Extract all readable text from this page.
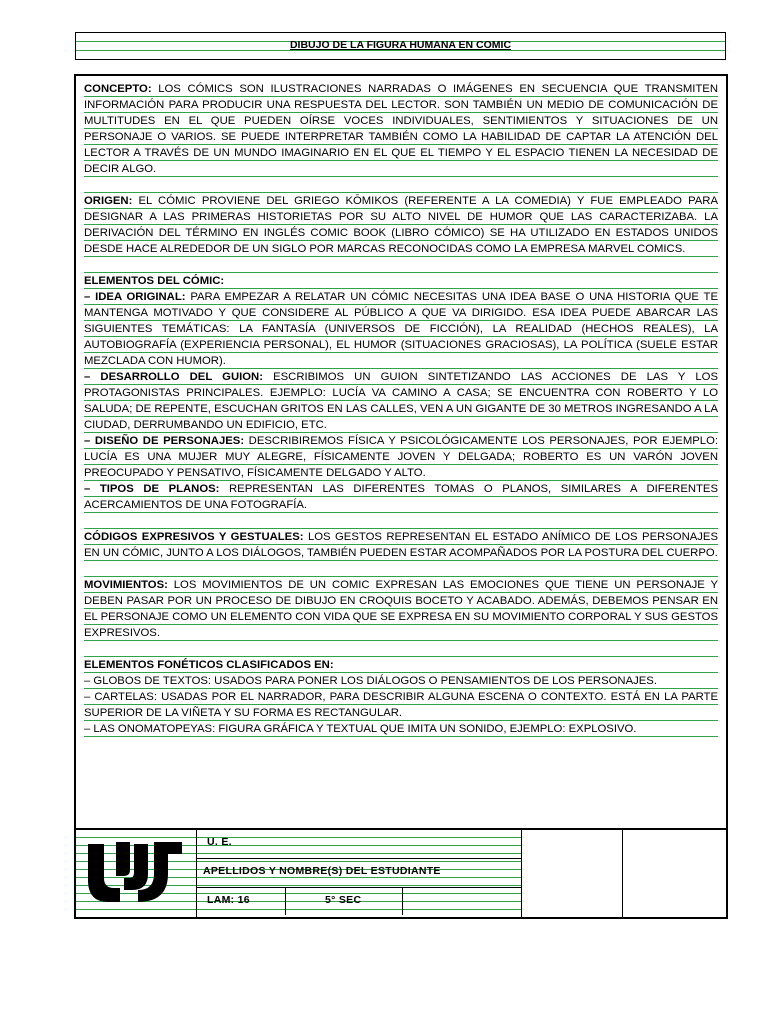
DIBUJO DE LA FIGURA HUMANA EN COMIC

CONCEPTO: LOS CÓMICS SON ILUSTRACIONES NARRADAS O IMÁGENES EN SECUENCIA QUE TRANSMITEN INFORMACIÓN PARA PRODUCIR UNA RESPUESTA DEL LECTOR. SON TAMBIÉN UN MEDIO DE COMUNICACIÓN DE MULTITUDES EN EL QUE PUEDEN OÍRSE VOCES INDIVIDUALES, SENTIMIENTOS Y SITUACIONES DE UN PERSONAJE O VARIOS. SE PUEDE INTERPRETAR TAMBIÉN COMO LA HABILIDAD DE CAPTAR LA ATENCIÓN DEL LECTOR A TRAVÉS DE UN MUNDO IMAGINARIO EN EL QUE EL TIEMPO Y EL ESPACIO TIENEN LA NECESIDAD DE DECIR ALGO.

ORIGEN: EL CÓMIC PROVIENE DEL GRIEGO KŌMIKOS (REFERENTE A LA COMEDIA) Y FUE EMPLEADO PARA DESIGNAR A LAS PRIMERAS HISTORIETAS POR SU ALTO NIVEL DE HUMOR QUE LAS CARACTERIZABA. LA DERIVACIÓN DEL TÉRMINO EN INGLÉS COMIC BOOK (LIBRO CÓMICO) SE HA UTILIZADO EN ESTADOS UNIDOS DESDE HACE ALREDEDOR DE UN SIGLO POR MARCAS RECONOCIDAS COMO LA EMPRESA MARVEL COMICS.

ELEMENTOS DEL CÓMIC:

– IDEA ORIGINAL: PARA EMPEZAR A RELATAR UN CÓMIC NECESITAS UNA IDEA BASE O UNA HISTORIA QUE TE MANTENGA MOTIVADO Y QUE CONSIDERE AL PÚBLICO A QUE VA DIRIGIDO. ESA IDEA PUEDE ABARCAR LAS SIGUIENTES TEMÁTICAS: LA FANTASÍA (UNIVERSOS DE FICCIÓN), LA REALIDAD (HECHOS REALES), LA AUTOBIOGRAFÍA (EXPERIENCIA PERSONAL), EL HUMOR (SITUACIONES GRACIOSAS), LA POLÍTICA (SUELE ESTAR MEZCLADA CON HUMOR).

– DESARROLLO DEL GUION: ESCRIBIMOS UN GUION SINTETIZANDO LAS ACCIONES DE LAS Y LOS PROTAGONISTAS PRINCIPALES. EJEMPLO: LUCÍA VA CAMINO A CASA; SE ENCUENTRA CON ROBERTO Y LO SALUDA; DE REPENTE, ESCUCHAN GRITOS EN LAS CALLES, VEN A UN GIGANTE DE 30 METROS INGRESANDO A LA CIUDAD, DERRUMBANDO UN EDIFICIO, ETC.

– DISEÑO DE PERSONAJES: DESCRIBIREMOS FÍSICA Y PSICOLÓGICAMENTE LOS PERSONAJES, POR EJEMPLO: LUCÍA ES UNA MUJER MUY ALEGRE, FÍSICAMENTE JOVEN Y DELGADA; ROBERTO ES UN VARÓN JOVEN PREOCUPADO Y PENSATIVO, FÍSICAMENTE DELGADO Y ALTO.

– TIPOS DE PLANOS: REPRESENTAN LAS DIFERENTES TOMAS O PLANOS, SIMILARES A DIFERENTES ACERCAMIENTOS DE UNA FOTOGRAFÍA.

CÓDIGOS EXPRESIVOS Y GESTUALES: LOS GESTOS REPRESENTAN EL ESTADO ANÍMICO DE LOS PERSONAJES EN UN CÓMIC, JUNTO A LOS DIÁLOGOS, TAMBIÉN PUEDEN ESTAR ACOMPAÑADOS POR LA POSTURA DEL CUERPO.

MOVIMIENTOS: LOS MOVIMIENTOS DE UN COMIC EXPRESAN LAS EMOCIONES QUE TIENE UN PERSONAJE Y DEBEN PASAR POR UN PROCESO DE DIBUJO EN CROQUIS BOCETO Y ACABADO. ADEMÁS, DEBEMOS PENSAR EN EL PERSONAJE COMO UN ELEMENTO CON VIDA QUE SE EXPRESA EN SU MOVIMIENTO CORPORAL Y SUS GESTOS EXPRESIVOS.

ELEMENTOS FONÉTICOS CLASIFICADOS EN:

– GLOBOS DE TEXTOS: USADOS PARA PONER LOS DIÁLOGOS O PENSAMIENTOS DE LOS PERSONAJES.

– CARTELAS: USADAS POR EL NARRADOR, PARA DESCRIBIR ALGUNA ESCENA O CONTEXTO. ESTÁ EN LA PARTE SUPERIOR DE LA VIÑETA Y SU FORMA ES RECTANGULAR.

– LAS ONOMATOPEYAS: FIGURA GRÁFICA Y TEXTUAL QUE IMITA UN SONIDO, EJEMPLO: EXPLOSIVO.

U. E.
APELLIDOS Y NOMBRE(S) DEL ESTUDIANTE
LAM: 16	5° SEC
